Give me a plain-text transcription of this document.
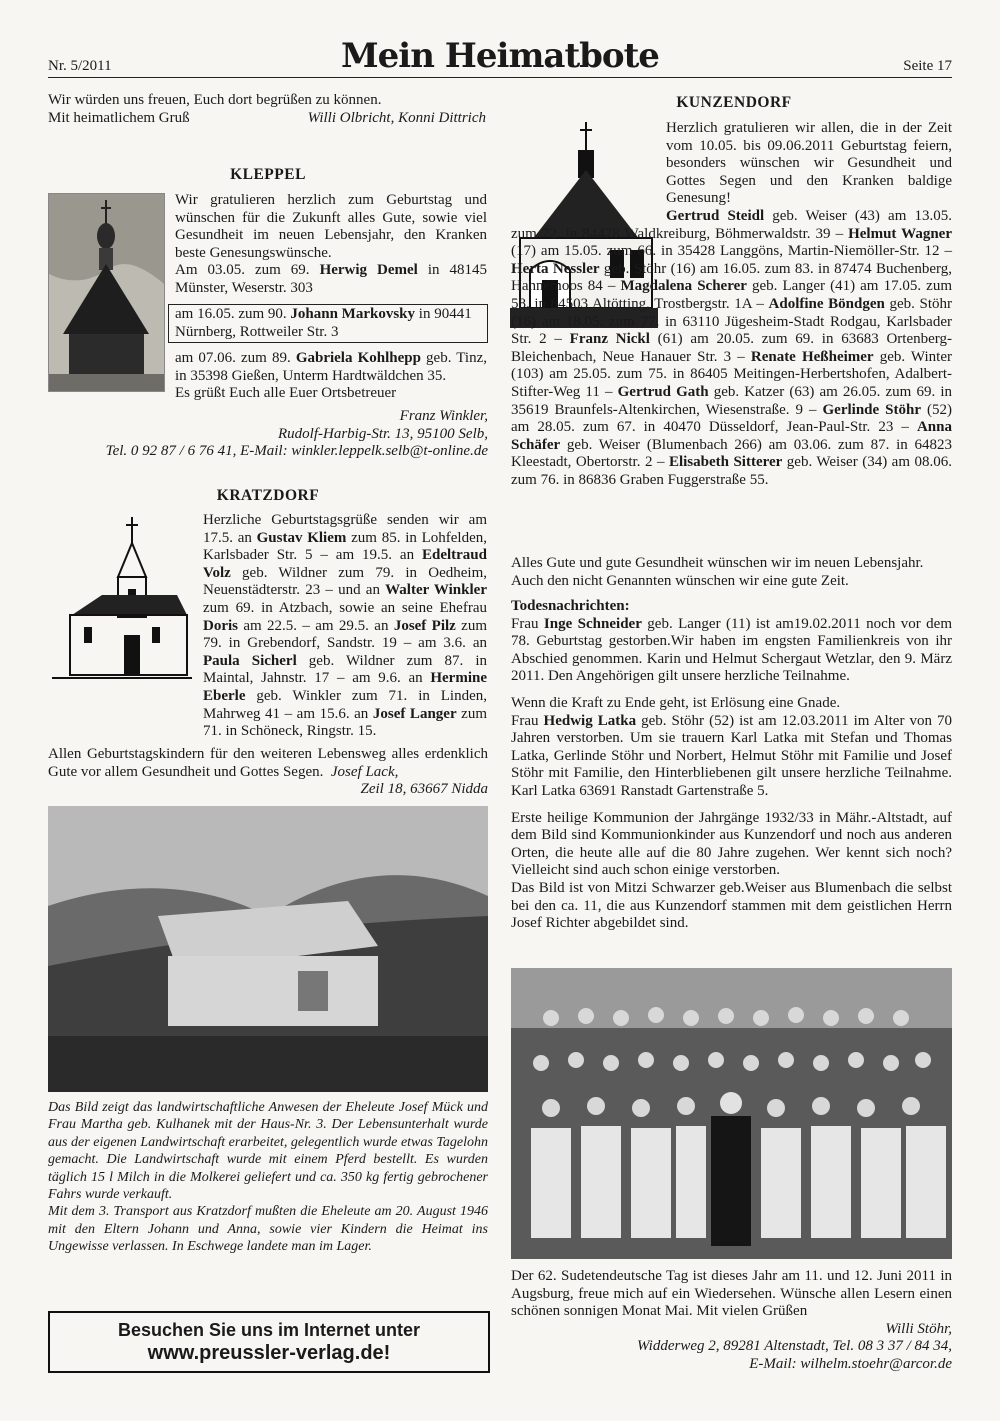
Nr. 5/2011	Mein Heimatbote	Seite 17

Wir würden uns freuen, Euch dort begrüßen zu können.

Mit heimatlichem Gruß	Willi Olbricht, Konni Dittrich

KLEPPEL

Wir gratulieren herzlich zum Geburtstag und wünschen für die Zukunft alles Gute, sowie viel Gesundheit im neuen Lebensjahr, den Kranken beste Genesungswünsche.

Am 03.05. zum 69. Herwig Demel in 48145 Münster, Weserstr. 303

am 16.05. zum 90. Johann Markovsky in 90441 Nürnberg, Rottweiler Str. 3

am 07.06. zum 89. Gabriela Kohlhepp geb. Tinz, in 35398 Gießen, Unterm Hardtwäldchen 35.

Es grüßt Euch alle Euer Ortsbetreuer

Franz Winkler,

Rudolf-Harbig-Str. 13, 95100 Selb,

Tel. 0 92 87 / 6 76 41, E-Mail: winkler.leppelk.selb@t-online.de

KRATZDORF
Herzliche Geburtstagsgrüße senden wir am 17.5. an Gustav Kliem zum 85. in Lohfelden, Karlsbader Str. 5 – am 19.5. an Edeltraud Volz geb. Wildner zum 79. in Oedheim, Neuenstädterstr. 23 – und an Walter Winkler zum 69. in Atzbach, sowie an seine Ehefrau Doris am 22.5. – am 29.5. an Josef Pilz zum 79. in Grebendorf, Sandstr. 19 – am 3.6. an Paula Sicherl geb. Wildner zum 87. in Maintal, Jahnstr. 17 – am 9.6. an Hermine Eberle geb. Winkler zum 71. in Linden, Mahrweg 41 – am 15.6. an Josef Langer zum 71. in Schöneck, Ringstr. 15.

Allen Geburtstagskindern für den weiteren Lebensweg alles erdenklich Gute vor allem Gesundheit und Gottes Segen. Josef Lack,

Zeil 18, 63667 Nidda

Das Bild zeigt das landwirtschaftliche Anwesen der Eheleute Josef Mück und Frau Martha geb. Kulhanek mit der Haus-Nr. 3. Der Lebensunterhalt wurde aus der eigenen Landwirtschaft erarbeitet, gelegentlich wurde etwas Tagelohn gemacht. Die Landwirtschaft wurde mit einem Pferd bestellt. Es wurden täglich 15 l Milch in die Molkerei geliefert und ca. 350 kg fertig gebrochener Fahrs wurde verkauft.

Mit dem 3. Transport aus Kratzdorf mußten die Eheleute am 20. August 1946 mit den Eltern Johann und Anna, sowie vier Kindern die Heimat ins Ungewisse verlassen. In Eschwege landete man im Lager.

Besuchen Sie uns im Internet unter
www.preussler-verlag.de!
KUNZENDORF
Herzlich gratulieren wir allen, die in der Zeit vom 10.05. bis 09.06.2011 Geburtstag feiern, besonders wünschen wir Gesundheit und Gottes Segen und den Kranken baldige Genesung!

Gertrud Steidl geb. Weiser (43) am 13.05. zum 72. in 84478 Waldkreiburg, Böhmerwaldstr. 39 – Helmut Wagner (17) am 15.05. zum 66. in 35428 Langgöns, Martin-Niemöller-Str. 12 – Herta Nessler geb. Stöhr (16) am 16.05. zum 83. in 87474 Buchenberg, Hahnemoos 84 – Magdalena Scherer geb. Langer (41) am 17.05. zum 58. in 84503 Altötting, Trostbergstr. 1A – Adolfine Böndgen geb. Stöhr (16) am 18.05. zum 77. in 63110 Jügesheim-Stadt Rodgau, Karlsbader Str. 2 – Franz Nickl (61) am 20.05. zum 69. in 63683 Ortenberg-Bleichenbach, Neue Hanauer Str. 3 – Renate Heßheimer geb. Winter (103) am 25.05. zum 75. in 86405 Meitingen-Herbertshofen, Adalbert-Stifter-Weg 11 – Gertrud Gath geb. Katzer (63) am 26.05. zum 69. in 35619 Braunfels-Altenkirchen, Wiesenstraße. 9 – Gerlinde Stöhr (52) am 28.05. zum 67. in 40470 Düsseldorf, Jean-Paul-Str. 23 – Anna Schäfer geb. Weiser (Blumenbach 266) am 03.06. zum 87. in 64823 Kleestadt, Obertorstr. 2 – Elisabeth Sitterer geb. Weiser (34) am 08.06. zum 76. in 86836 Graben Fuggerstraße 55.

Alles Gute und gute Gesundheit wünschen wir im neuen Lebensjahr. Auch den nicht Genannten wünschen wir eine gute Zeit.

Todesnachrichten:

Frau Inge Schneider geb. Langer (11) ist am19.02.2011 noch vor dem 78. Geburtstag gestorben.Wir haben im engsten Familienkreis von ihr Abschied genommen. Karin und Helmut Schergaut Wetzlar, den 9. März 2011. Den Angehörigen gilt unsere herzliche Teilnahme.

Wenn die Kraft zu Ende geht, ist Erlösung eine Gnade.

Frau Hedwig Latka geb. Stöhr (52) ist am 12.03.2011 im Alter von 70 Jahren verstorben. Um sie trauern Karl Latka mit Stefan und Thomas Latka, Gerlinde Stöhr und Norbert, Helmut Stöhr mit Familie und Josef Stöhr mit Familie, den Hinterbliebenen gilt unsere herzliche Teilnahme. Karl Latka 63691 Ranstadt Gartenstraße 5.

Erste heilige Kommunion der Jahrgänge 1932/33 in Mähr.-Altstadt, auf dem Bild sind Kommunionkinder aus Kunzendorf und noch aus anderen Orten, die heute alle auf die 80 Jahre zugehen. Wer kennt sich noch? Vielleicht sind auch schon einige verstorben.

Das Bild ist von Mitzi Schwarzer geb.Weiser aus Blumenbach die selbst bei den ca. 11, die aus Kunzendorf stammen mit dem geistlichen Herrn Josef Richter abgebildet sind.

Der 62. Sudetendeutsche Tag ist dieses Jahr am 11. und 12. Juni 2011 in Augsburg, freue mich auf ein Wiedersehen. Wünsche allen Lesern einen schönen sonnigen Monat Mai. Mit vielen Grüßen

Willi Stöhr,

Widderweg 2, 89281 Altenstadt, Tel. 08 3 37 / 84 34,

E-Mail: wilhelm.stoehr@arcor.de
